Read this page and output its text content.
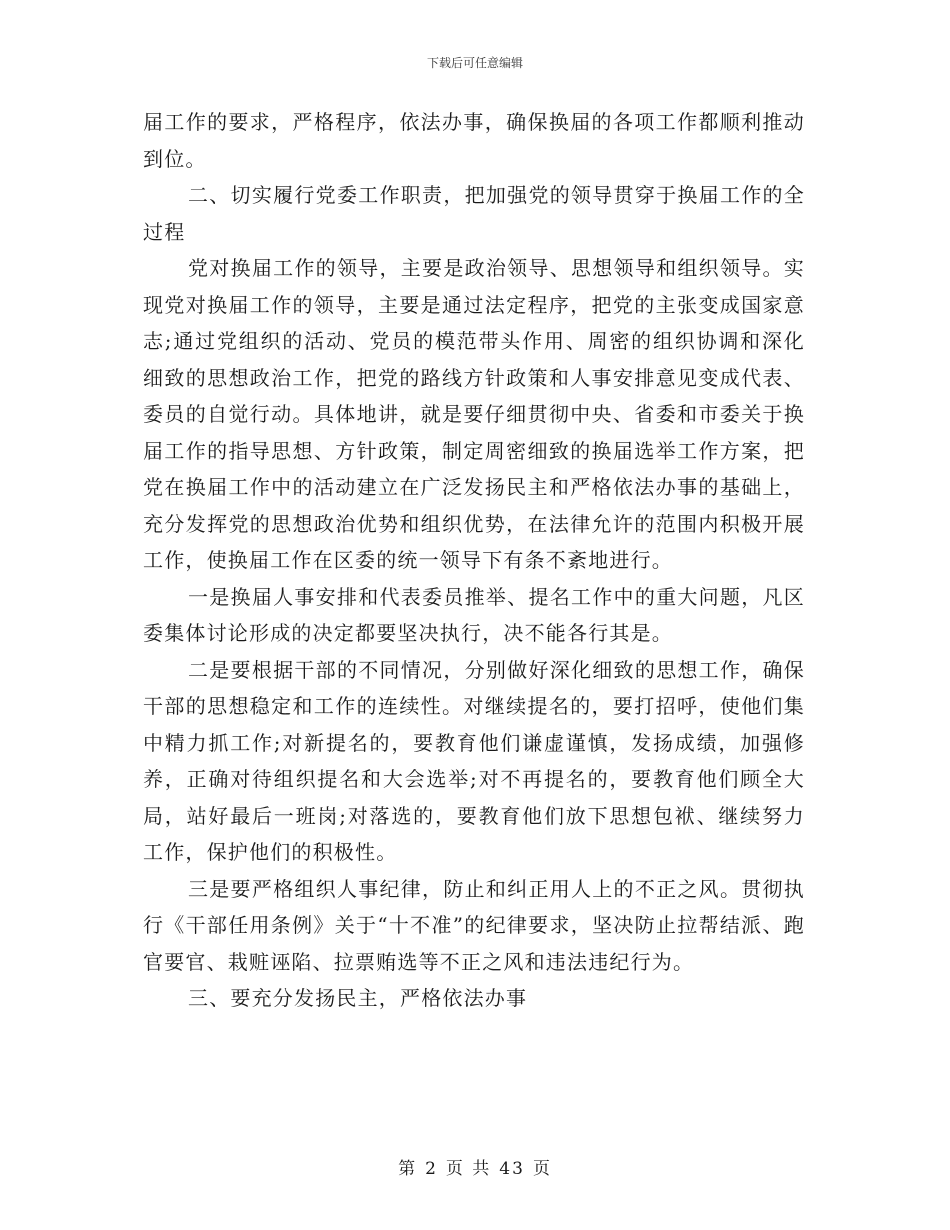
下载后可任意编辑

届工作的要求，严格程序，依法办事，确保换届的各项工作都顺利推动到位。

二、切实履行党委工作职责，把加强党的领导贯穿于换届工作的全过程

党对换届工作的领导，主要是政治领导、思想领导和组织领导。实现党对换届工作的领导，主要是通过法定程序，把党的主张变成国家意志;通过党组织的活动、党员的模范带头作用、周密的组织协调和深化细致的思想政治工作，把党的路线方针政策和人事安排意见变成代表、委员的自觉行动。具体地讲，就是要仔细贯彻中央、省委和市委关于换届工作的指导思想、方针政策，制定周密细致的换届选举工作方案，把党在换届工作中的活动建立在广泛发扬民主和严格依法办事的基础上，充分发挥党的思想政治优势和组织优势，在法律允许的范围内积极开展工作，使换届工作在区委的统一领导下有条不紊地进行。

一是换届人事安排和代表委员推举、提名工作中的重大问题，凡区委集体讨论形成的决定都要坚决执行，决不能各行其是。

二是要根据干部的不同情况，分别做好深化细致的思想工作，确保干部的思想稳定和工作的连续性。对继续提名的，要打招呼，使他们集中精力抓工作;对新提名的，要教育他们谦虚谨慎，发扬成绩，加强修养，正确对待组织提名和大会选举;对不再提名的，要教育他们顾全大局，站好最后一班岗;对落选的，要教育他们放下思想包袱、继续努力工作，保护他们的积极性。

三是要严格组织人事纪律，防止和纠正用人上的不正之风。贯彻执行《干部任用条例》关于“十不准”的纪律要求，坚决防止拉帮结派、跑官要官、栽赃诬陷、拉票贿选等不正之风和违法违纪行为。

三、要充分发扬民主，严格依法办事

第 2 页 共 43 页
